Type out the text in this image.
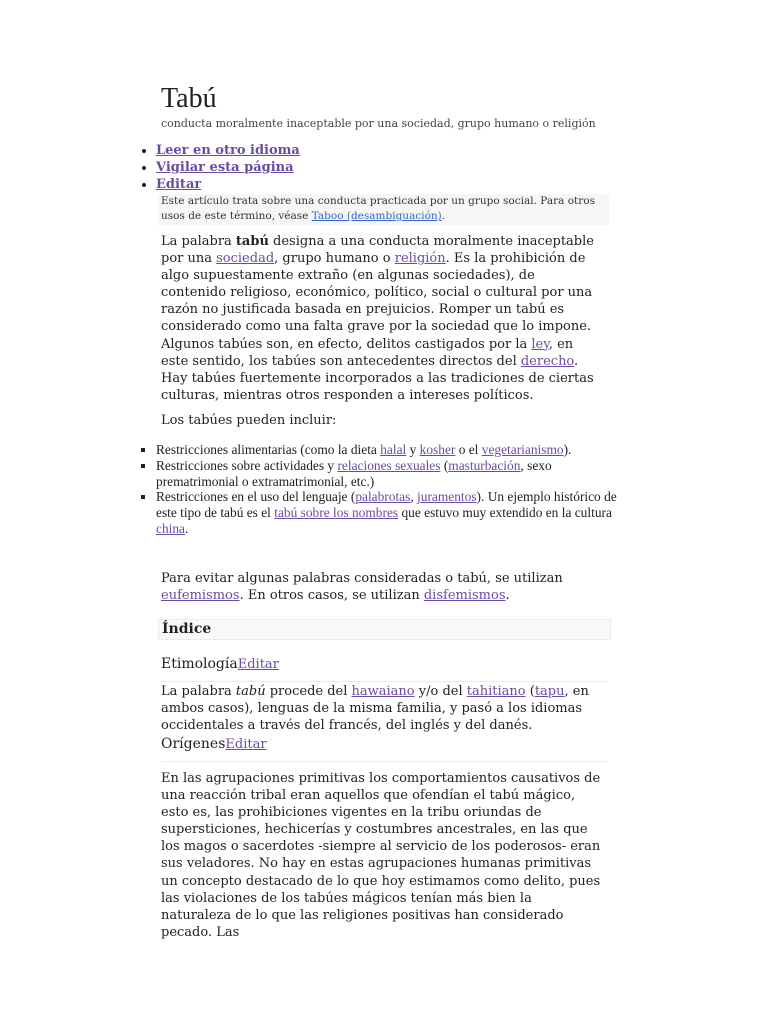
Tabú
conducta moralmente inaceptable por una sociedad, grupo humano o religión
• Leer en otro idioma
• Vigilar esta página
• Editar
Este artículo trata sobre una conducta practicada por un grupo social. Para otros usos de este término, véase Taboo (desambiguación).

La palabra tabú designa a una conducta moralmente inaceptable por una sociedad, grupo humano o religión. Es la prohibición de algo supuestamente extraño (en algunas sociedades), de contenido religioso, económico, político, social o cultural por una razón no justificada basada en prejuicios. Romper un tabú es considerado como una falta grave por la sociedad que lo impone. Algunos tabúes son, en efecto, delitos castigados por la ley, en este sentido, los tabúes son antecedentes directos del derecho. Hay tabúes fuertemente incorporados a las tradiciones de ciertas culturas, mientras otros responden a intereses políticos.

Los tabúes pueden incluir:

▪ Restricciones alimentarias (como la dieta halal y kosher o el vegetarianismo).
▪ Restricciones sobre actividades y relaciones sexuales (masturbación, sexo prematrimonial o extramatrimonial, etc.)
▪ Restricciones en el uso del lenguaje (palabrotas, juramentos). Un ejemplo histórico de este tipo de tabú es el tabú sobre los nombres que estuvo muy extendido en la cultura china.

Para evitar algunas palabras consideradas o tabú, se utilizan eufemismos. En otros casos, se utilizan disfemismos.

Índice
EtimologíaEditar

La palabra tabú procede del hawaiano y/o del tahitiano (tapu, en ambos casos), lenguas de la misma familia, y pasó a los idiomas occidentales a través del francés, del inglés y del danés.

OrígenesEditar

En las agrupaciones primitivas los comportamientos causativos de una reacción tribal eran aquellos que ofendían el tabú mágico, esto es, las prohibiciones vigentes en la tribu oriundas de supersticiones, hechicerías y costumbres ancestrales, en las que los magos o sacerdotes -siempre al servicio de los poderosos- eran sus veladores. No hay en estas agrupaciones humanas primitivas un concepto destacado de lo que hoy estimamos como delito, pues las violaciones de los tabúes mágicos tenían más bien la naturaleza de lo que las religiones positivas han considerado pecado. Las
